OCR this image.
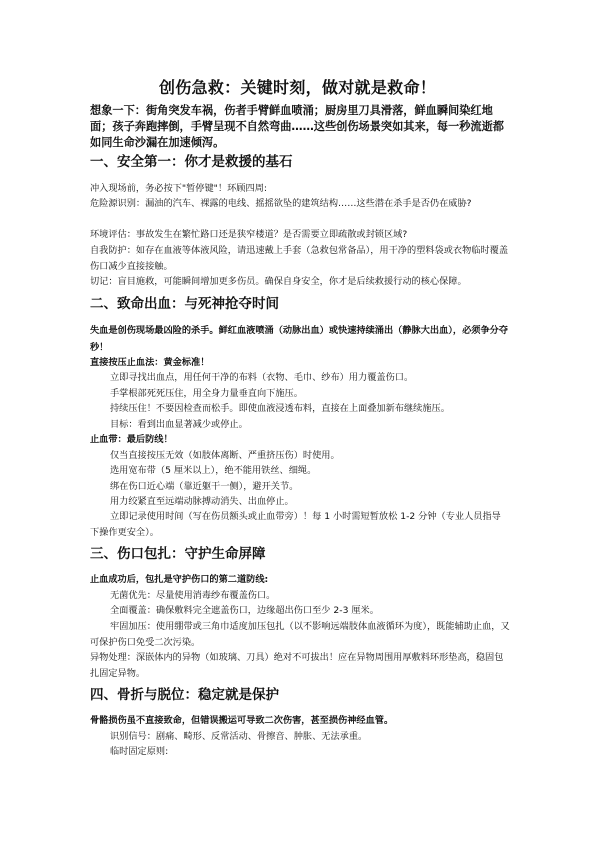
创伤急救：关键时刻，做对就是救命！
想象一下：街角突发车祸，伤者手臂鲜血喷涌；厨房里刀具滑落，鲜血瞬间染红地面；孩子奔跑摔倒，手臂呈现不自然弯曲……这些创伤场景突如其来，每一秒流逝都如同生命沙漏在加速倾泻。
一、安全第一：你才是救援的基石
冲入现场前，务必按下"暂停键"！环顾四周:
危险源识别：漏油的汽车、裸露的电线、摇摇欲坠的建筑结构……这些潜在杀手是否仍在威胁?
环境评估：事故发生在繁忙路口还是狭窄楼道？是否需要立即疏散或封锁区域?
自我防护：如存在血液等体液风险，请迅速戴上手套（急救包常备品），用干净的塑料袋或衣物临时覆盖伤口减少直接接触。
切记：盲目施救，可能瞬间增加更多伤员。确保自身安全，你才是后续救援行动的核心保障。
二、致命出血：与死神抢夺时间
失血是创伤现场最凶险的杀手。鲜红血液喷涌（动脉出血）或快速持续涌出（静脉大出血），必须争分夺秒！
直接按压止血法：黄金标准！
立即寻找出血点，用任何干净的布料（衣物、毛巾、纱布）用力覆盖伤口。
手掌根部死死压住，用全身力量垂直向下施压。
持续压住！不要因检查而松手。即使血液浸透布料，直接在上面叠加新布继续施压。
目标：看到出血显著减少或停止。
止血带：最后防线！
仅当直接按压无效（如肢体离断、严重挤压伤）时使用。
选用宽布带（5 厘米以上），绝不能用铁丝、细绳。
绑在伤口近心端（靠近躯干一侧），避开关节。
用力绞紧直至远端动脉搏动消失、出血停止。
立即记录使用时间（写在伤员额头或止血带旁）！每 1 小时需短暂放松 1-2 分钟（专业人员指导下操作更安全）。
三、伤口包扎：守护生命屏障
止血成功后，包扎是守护伤口的第二道防线:
无菌优先：尽量使用消毒纱布覆盖伤口。
全面覆盖：确保敷料完全遮盖伤口，边缘超出伤口至少 2-3 厘米。
牢固加压：使用绷带或三角巾适度加压包扎（以不影响远端肢体血液循环为度），既能辅助止血，又可保护伤口免受二次污染。
异物处理：深嵌体内的异物（如玻璃、刀具）绝对不可拔出！应在异物周围用厚敷料环形垫高，稳固包扎固定异物。
四、骨折与脱位：稳定就是保护
骨骼损伤虽不直接致命，但错误搬运可导致二次伤害，甚至损伤神经血管。
识别信号：剧痛、畸形、反常活动、骨擦音、肿胀、无法承重。
临时固定原则:
